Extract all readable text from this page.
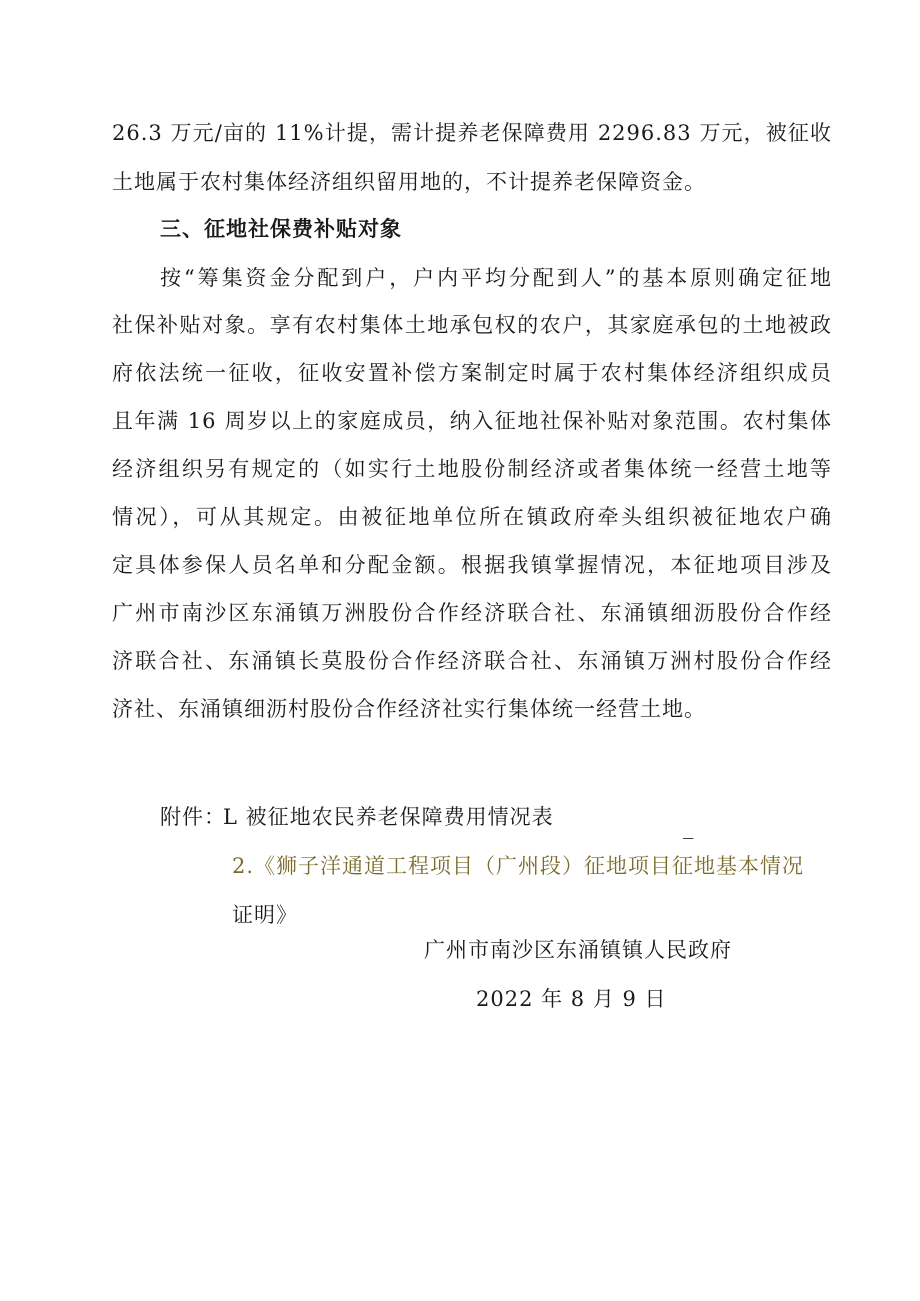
26.3 万元/亩的 11%计提，需计提养老保障费用 2296.83 万元，被征收
土地属于农村集体经济组织留用地的，不计提养老保障资金。
三、征地社保费补贴对象
按“筹集资金分配到户，户内平均分配到人”的基本原则确定征地
社保补贴对象。享有农村集体土地承包权的农户，其家庭承包的土地被政
府依法统一征收，征收安置补偿方案制定时属于农村集体经济组织成员
且年满 16 周岁以上的家庭成员，纳入征地社保补贴对象范围。农村集体
经济组织另有规定的（如实行土地股份制经济或者集体统一经营土地等
情况），可从其规定。由被征地单位所在镇政府牵头组织被征地农户确
定具体参保人员名单和分配金额。根据我镇掌握情况，本征地项目涉及
广州市南沙区东涌镇万洲股份合作经济联合社、东涌镇细沥股份合作经
济联合社、东涌镇长莫股份合作经济联合社、东涌镇万洲村股份合作经
济社、东涌镇细沥村股份合作经济社实行集体统一经营土地。
附件：
L 被征地农民养老保障费用情况表	_
2.《狮子洋通道工程项目（广州段）征地项目征地基本情况
证明》
广州市南沙区东涌镇镇人民政府
2022 年 8 月 9 日
